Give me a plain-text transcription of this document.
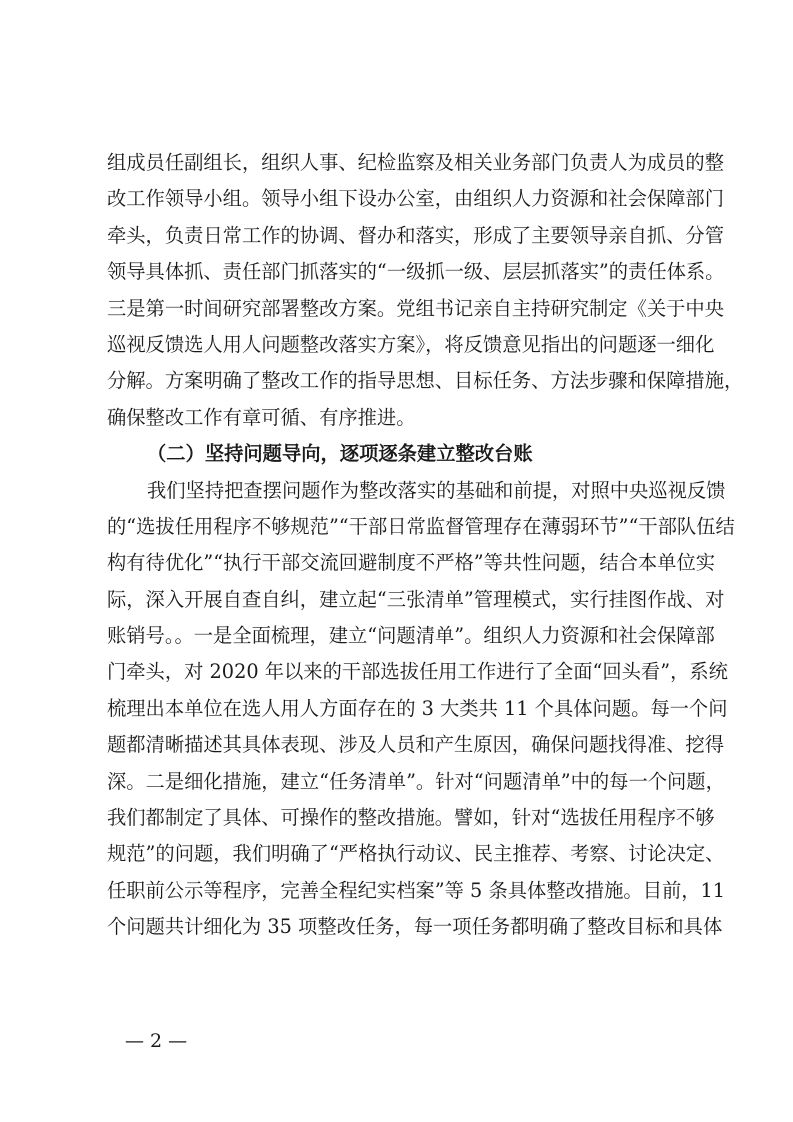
组成员任副组长，组织人事、纪检监察及相关业务部门负责人为成员的整
改工作领导小组。领导小组下设办公室，由组织人力资源和社会保障部门
牵头，负责日常工作的协调、督办和落实，形成了主要领导亲自抓、分管
领导具体抓、责任部门抓落实的“一级抓一级、层层抓落实”的责任体系。
三是第一时间研究部署整改方案。党组书记亲自主持研究制定《关于中央
巡视反馈选人用人问题整改落实方案》，将反馈意见指出的问题逐一细化
分解。方案明确了整改工作的指导思想、目标任务、方法步骤和保障措施，
确保整改工作有章可循、有序推进。
（二）坚持问题导向，逐项逐条建立整改台账
我们坚持把查摆问题作为整改落实的基础和前提，对照中央巡视反馈
的“选拔任用程序不够规范”“干部日常监督管理存在薄弱环节”“干部队伍结
构有待优化”“执行干部交流回避制度不严格”等共性问题，结合本单位实
际，深入开展自查自纠，建立起“三张清单”管理模式，实行挂图作战、对
账销号。。一是全面梳理，建立“问题清单”。组织人力资源和社会保障部
门牵头，对 2020 年以来的干部选拔任用工作进行了全面“回头看”，系统
梳理出本单位在选人用人方面存在的 3 大类共 11 个具体问题。每一个问
题都清晰描述其具体表现、涉及人员和产生原因，确保问题找得准、挖得
深。二是细化措施，建立“任务清单”。针对“问题清单”中的每一个问题，
我们都制定了具体、可操作的整改措施。譬如，针对“选拔任用程序不够
规范”的问题，我们明确了“严格执行动议、民主推荐、考察、讨论决定、
任职前公示等程序，完善全程纪实档案”等 5 条具体整改措施。目前，11
个问题共计细化为 35 项整改任务，每一项任务都明确了整改目标和具体
— 2 —
